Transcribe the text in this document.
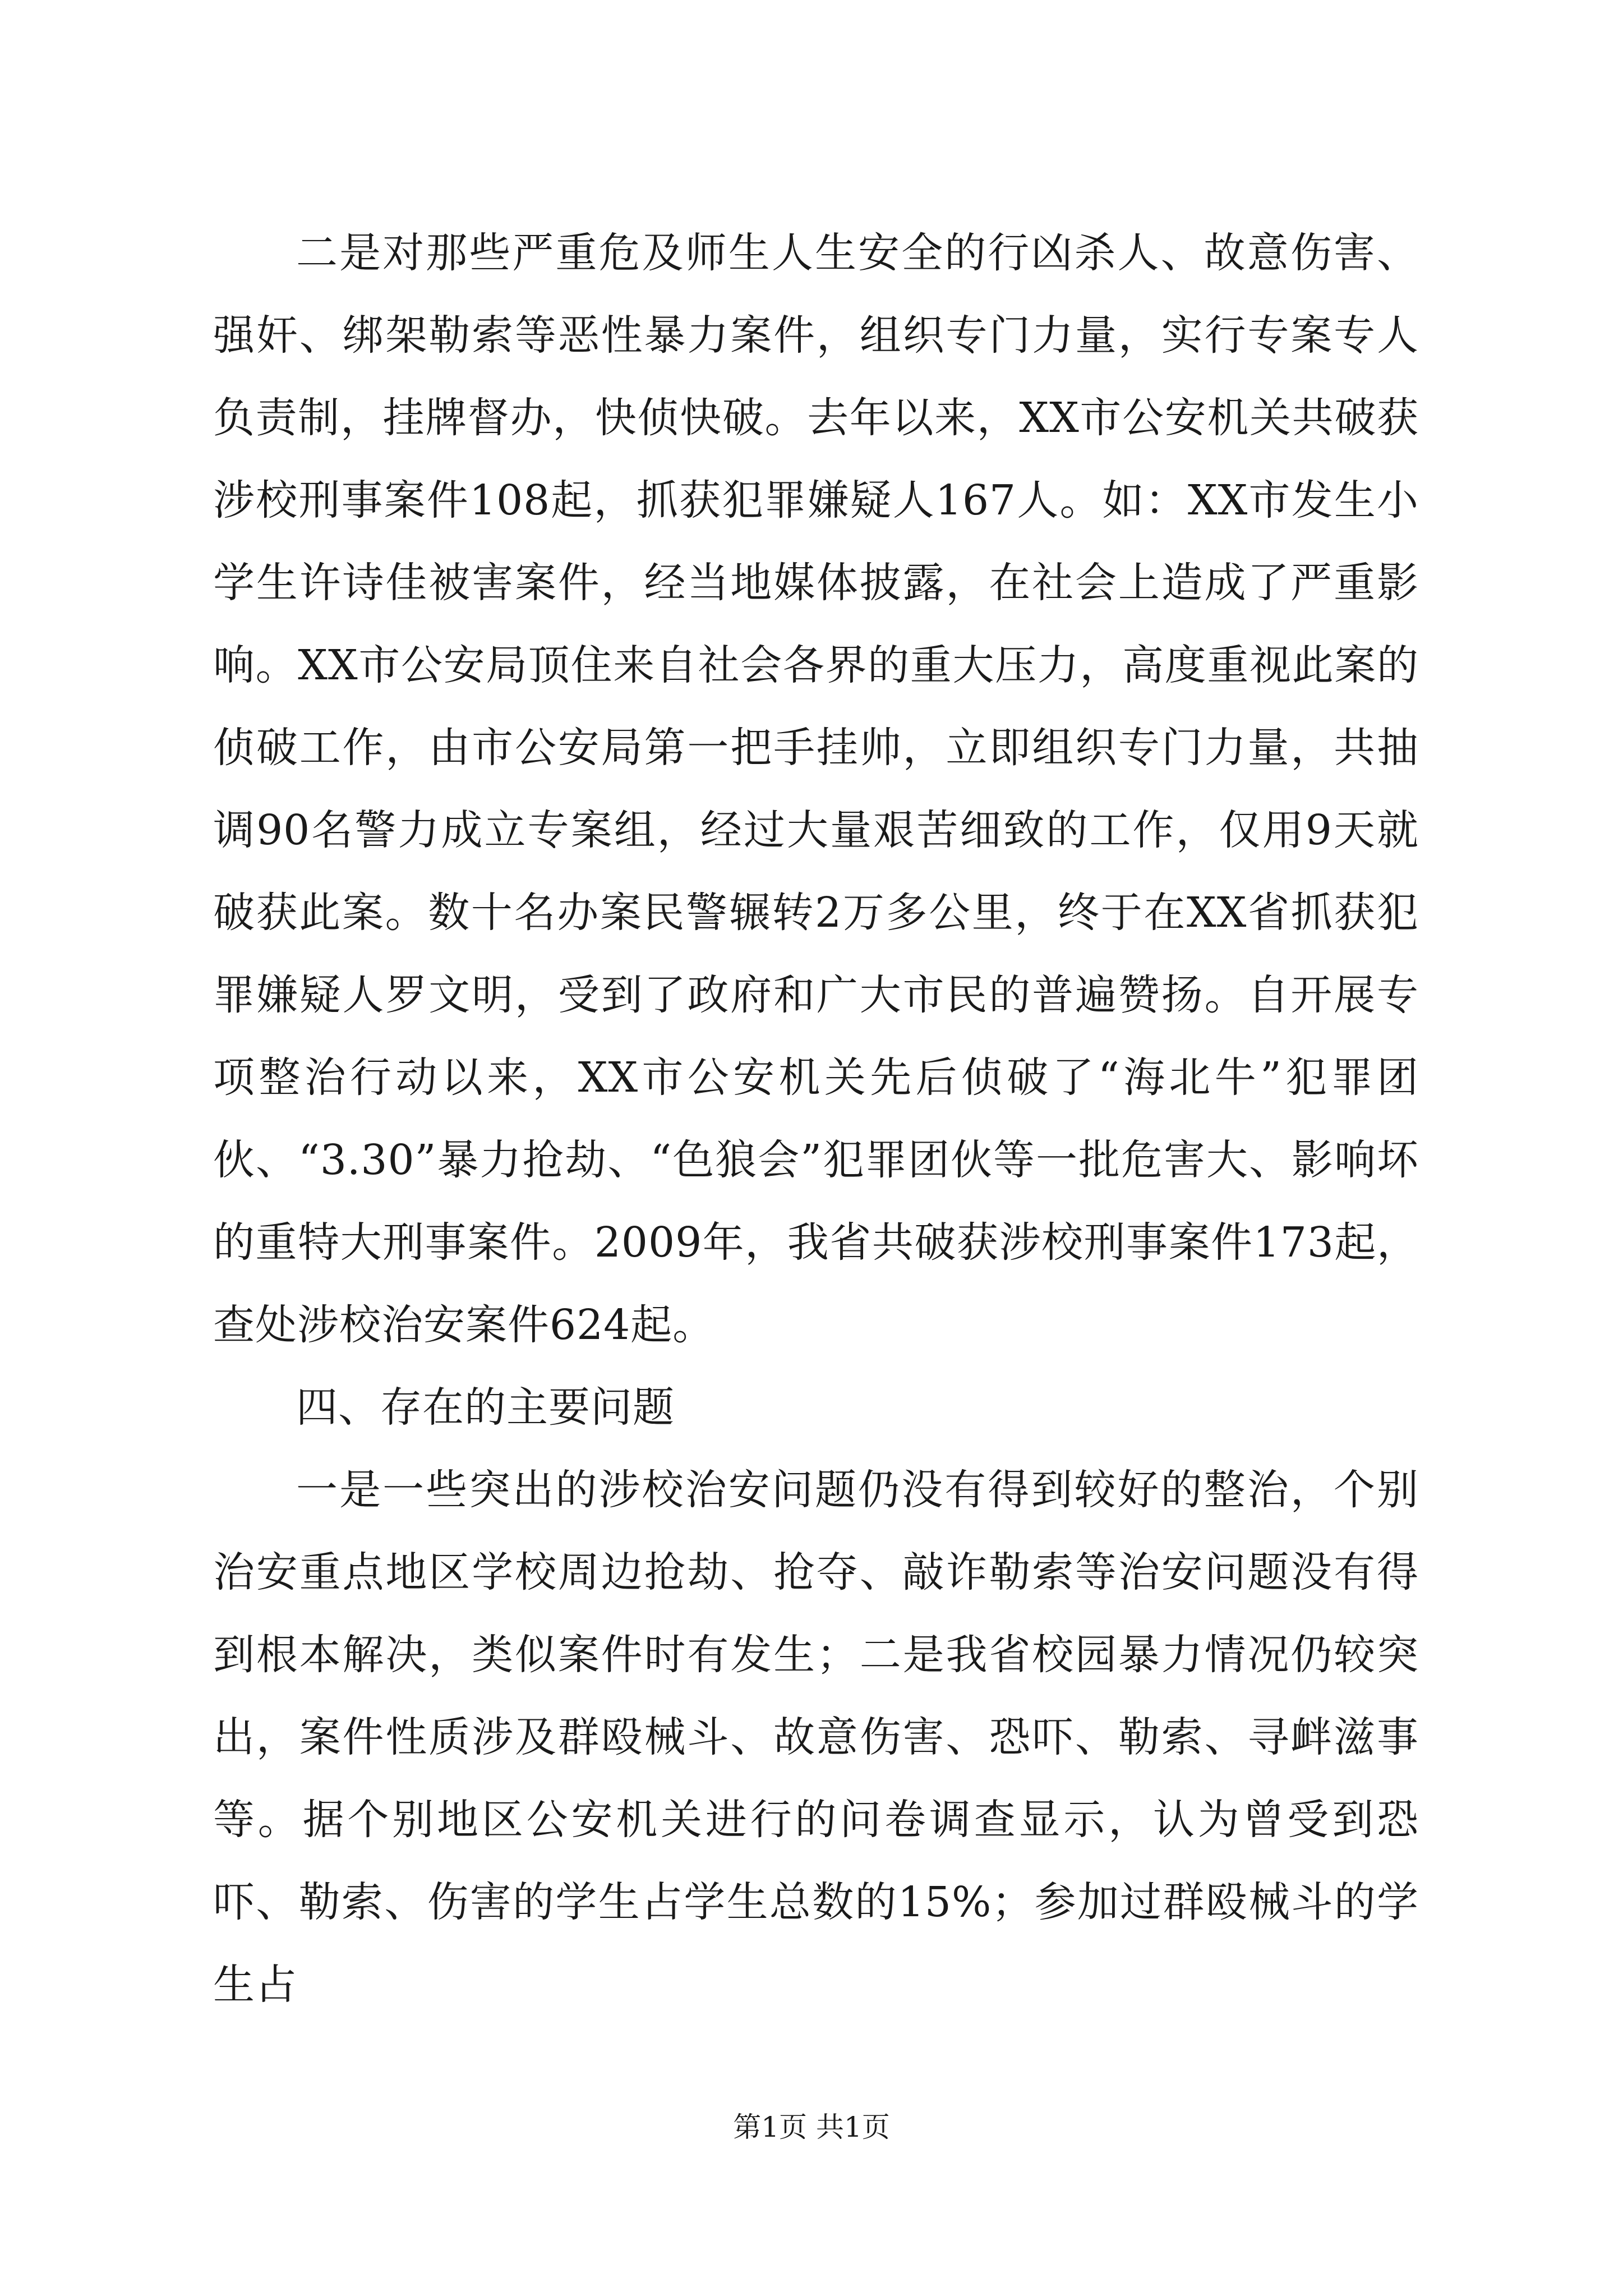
二是对那些严重危及师生人生安全的行凶杀人、故意伤害、强奸、绑架勒索等恶性暴力案件，组织专门力量，实行专案专人负责制，挂牌督办，快侦快破。去年以来，XX市公安机关共破获涉校刑事案件108起，抓获犯罪嫌疑人167人。如：XX市发生小学生许诗佳被害案件，经当地媒体披露，在社会上造成了严重影响。XX市公安局顶住来自社会各界的重大压力，高度重视此案的侦破工作，由市公安局第一把手挂帅，立即组织专门力量，共抽调90名警力成立专案组，经过大量艰苦细致的工作，仅用9天就破获此案。数十名办案民警辗转2万多公里，终于在XX省抓获犯罪嫌疑人罗文明，受到了政府和广大市民的普遍赞扬。自开展专项整治行动以来，XX市公安机关先后侦破了“海北牛”犯罪团伙、“3.30”暴力抢劫、“色狼会”犯罪团伙等一批危害大、影响坏的重特大刑事案件。2009年，我省共破获涉校刑事案件173起，查处涉校治安案件624起。

四、存在的主要问题

一是一些突出的涉校治安问题仍没有得到较好的整治，个别治安重点地区学校周边抢劫、抢夺、敲诈勒索等治安问题没有得到根本解决，类似案件时有发生；二是我省校园暴力情况仍较突出，案件性质涉及群殴械斗、故意伤害、恐吓、勒索、寻衅滋事等。据个别地区公安机关进行的问卷调查显示，认为曾受到恐吓、勒索、伤害的学生占学生总数的15%；参加过群殴械斗的学生占

第1页 共1页
